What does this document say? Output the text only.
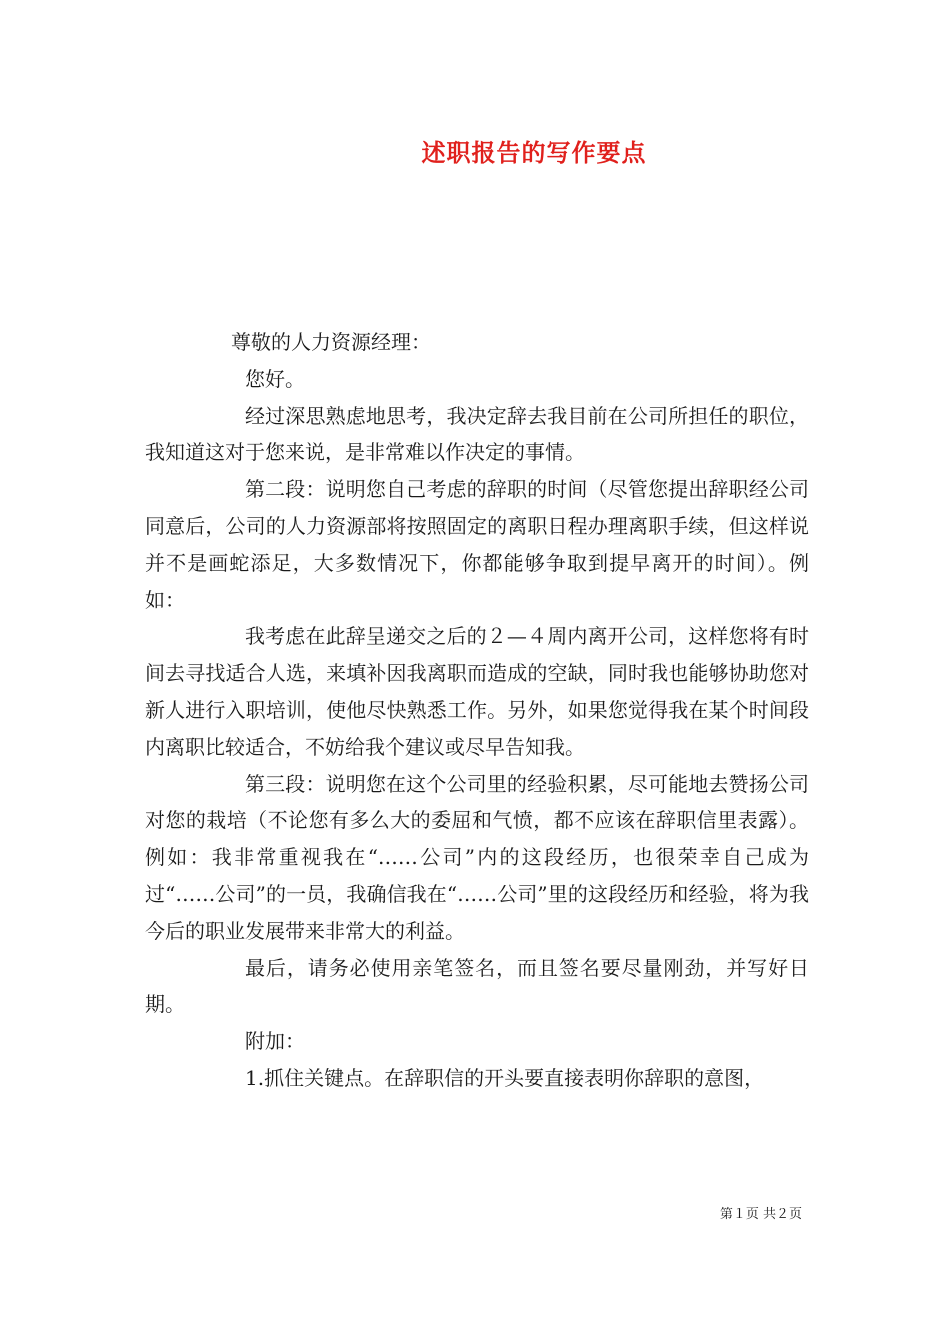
述职报告的写作要点

尊敬的人力资源经理：

您好。

经过深思熟虑地思考，我决定辞去我目前在公司所担任的职位，我知道这对于您来说，是非常难以作决定的事情。

第二段：说明您自己考虑的辞职的时间（尽管您提出辞职经公司同意后，公司的人力资源部将按照固定的离职日程办理离职手续，但这样说并不是画蛇添足，大多数情况下，你都能够争取到提早离开的时间）。例如：

我考虑在此辞呈递交之后的２—４周内离开公司，这样您将有时间去寻找适合人选，来填补因我离职而造成的空缺，同时我也能够协助您对新人进行入职培训，使他尽快熟悉工作。另外，如果您觉得我在某个时间段内离职比较适合，不妨给我个建议或尽早告知我。

第三段：说明您在这个公司里的经验积累，尽可能地去赞扬公司对您的栽培（不论您有多么大的委屈和气愤，都不应该在辞职信里表露）。例如：我非常重视我在“……公司”内的这段经历，也很荣幸自己成为过“……公司”的一员，我确信我在“……公司”里的这段经历和经验，将为我今后的职业发展带来非常大的利益。

最后，请务必使用亲笔签名，而且签名要尽量刚劲，并写好日期。

附加：

1.抓住关键点。在辞职信的开头要直接表明你辞职的意图，

第１页 共２页
